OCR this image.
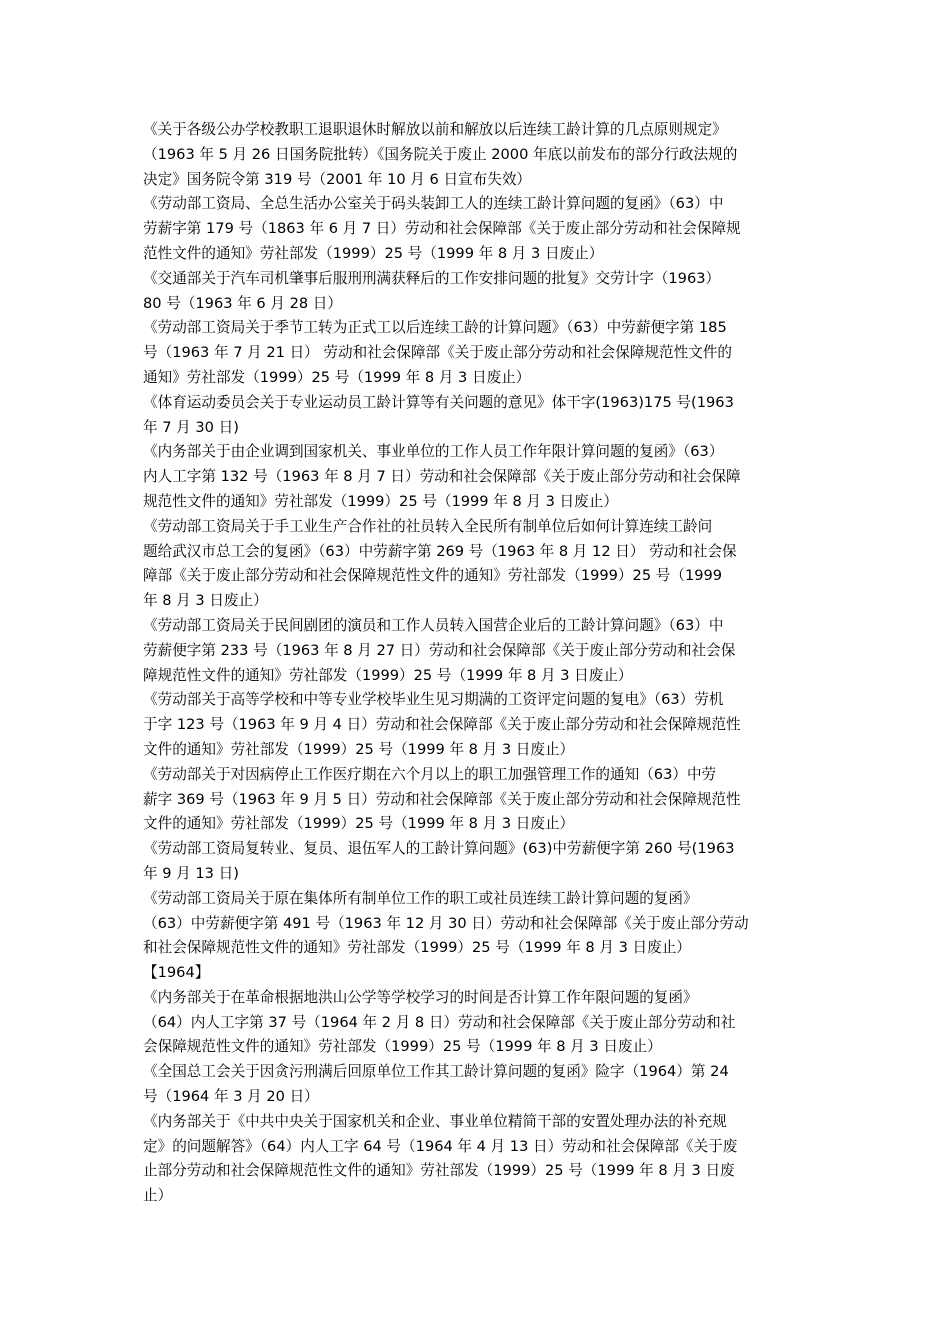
《关于各级公办学校教职工退职退休时解放以前和解放以后连续工龄计算的几点原则规定》
（1963 年 5 月 26 日国务院批转）《国务院关于废止 2000 年底以前发布的部分行政法规的
决定》国务院令第 319 号（2001 年 10 月 6 日宣布失效）
《劳动部工资局、全总生活办公室关于码头装卸工人的连续工龄计算问题的复函》（63）中
劳薪字第 179 号（1863 年 6 月 7 日）劳动和社会保障部《关于废止部分劳动和社会保障规
范性文件的通知》劳社部发（1999）25 号（1999 年 8 月 3 日废止）
《交通部关于汽车司机肇事后服刑刑满获释后的工作安排问题的批复》交劳计字（1963）
80 号（1963 年 6 月 28 日）
《劳动部工资局关于季节工转为正式工以后连续工龄的计算问题》（63）中劳薪便字第 185
号（1963 年 7 月 21 日） 劳动和社会保障部《关于废止部分劳动和社会保障规范性文件的
通知》劳社部发（1999）25 号（1999 年 8 月 3 日废止）
《体育运动委员会关于专业运动员工龄计算等有关问题的意见》体干字(1963)175 号(1963
年 7 月 30 日)
《内务部关于由企业调到国家机关、事业单位的工作人员工作年限计算问题的复函》（63）
内人工字第 132 号（1963 年 8 月 7 日）劳动和社会保障部《关于废止部分劳动和社会保障
规范性文件的通知》劳社部发（1999）25 号（1999 年 8 月 3 日废止）
《劳动部工资局关于手工业生产合作社的社员转入全民所有制单位后如何计算连续工龄问
题给武汉市总工会的复函》（63）中劳薪字第 269 号（1963 年 8 月 12 日） 劳动和社会保
障部《关于废止部分劳动和社会保障规范性文件的通知》劳社部发（1999）25 号（1999
年 8 月 3 日废止）
《劳动部工资局关于民间剧团的演员和工作人员转入国营企业后的工龄计算问题》（63）中
劳薪便字第 233 号（1963 年 8 月 27 日）劳动和社会保障部《关于废止部分劳动和社会保
障规范性文件的通知》劳社部发（1999）25 号（1999 年 8 月 3 日废止）
《劳动部关于高等学校和中等专业学校毕业生见习期满的工资评定问题的复电》（63）劳机
于字 123 号（1963 年 9 月 4 日）劳动和社会保障部《关于废止部分劳动和社会保障规范性
文件的通知》劳社部发（1999）25 号（1999 年 8 月 3 日废止）
《劳动部关于对因病停止工作医疗期在六个月以上的职工加强管理工作的通知（63）中劳
薪字 369 号（1963 年 9 月 5 日）劳动和社会保障部《关于废止部分劳动和社会保障规范性
文件的通知》劳社部发（1999）25 号（1999 年 8 月 3 日废止）
《劳动部工资局复转业、复员、退伍军人的工龄计算问题》(63)中劳薪便字第 260 号(1963
年 9 月 13 日)
《劳动部工资局关于原在集体所有制单位工作的职工或社员连续工龄计算问题的复函》
（63）中劳薪便字第 491 号（1963 年 12 月 30 日）劳动和社会保障部《关于废止部分劳动
和社会保障规范性文件的通知》劳社部发（1999）25 号（1999 年 8 月 3 日废止）
【1964】
《内务部关于在革命根据地洪山公学等学校学习的时间是否计算工作年限问题的复函》
（64）内人工字第 37 号（1964 年 2 月 8 日）劳动和社会保障部《关于废止部分劳动和社
会保障规范性文件的通知》劳社部发（1999）25 号（1999 年 8 月 3 日废止）
《全国总工会关于因贪污刑满后回原单位工作其工龄计算问题的复函》险字（1964）第 24
号（1964 年 3 月 20 日）
《内务部关于《中共中央关于国家机关和企业、事业单位精简干部的安置处理办法的补充规
定》的问题解答》（64）内人工字 64 号（1964 年 4 月 13 日）劳动和社会保障部《关于废
止部分劳动和社会保障规范性文件的通知》劳社部发（1999）25 号（1999 年 8 月 3 日废
止）
